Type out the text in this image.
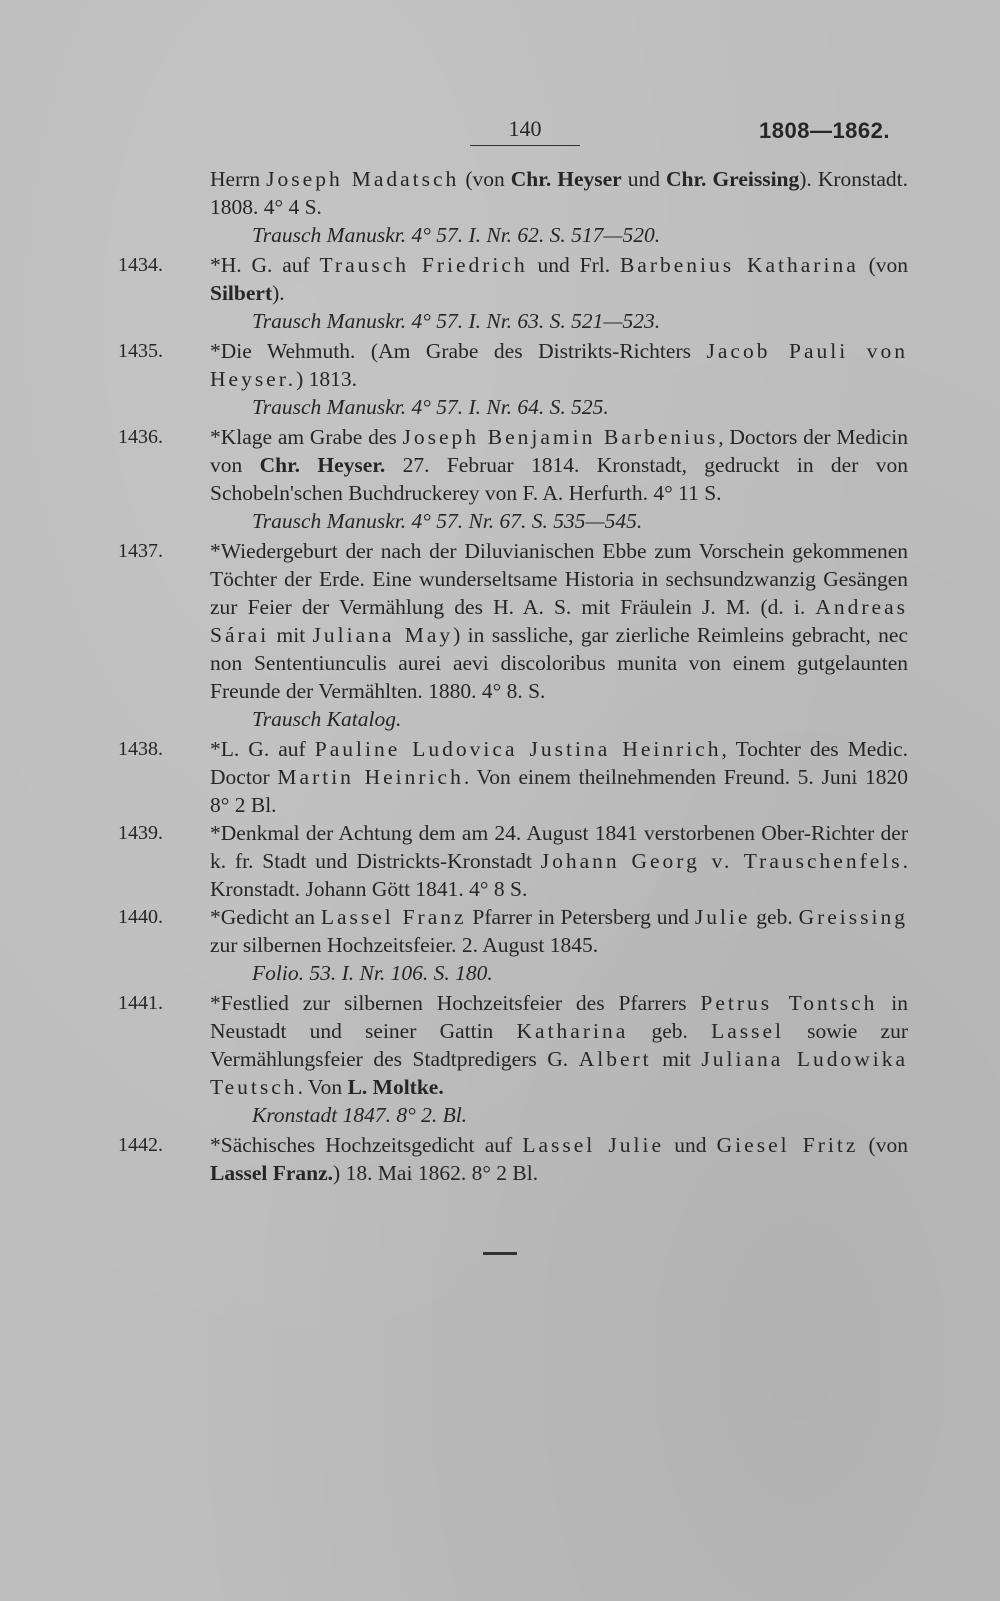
140	1808—1862.
Herrn Joseph Madatsch (von Chr. Heyser und Chr. Greissing). Kronstadt. 1808. 4° 4 S.
Trausch Manuskr. 4° 57. I. Nr. 62. S. 517—520.
1434.	*H. G. auf Trausch Friedrich und Frl. Barbenius Katharina (von Silbert).
Trausch Manuskr. 4° 57. I. Nr. 63. S. 521—523.
1435.	*Die Wehmuth. (Am Grabe des Distrikts-Richters Jacob Pauli von Heyser.) 1813.
Trausch Manuskr. 4° 57. I. Nr. 64. S. 525.
1436.	*Klage am Grabe des Joseph Benjamin Barbenius, Doctors der Medicin von Chr. Heyser. 27. Februar 1814. Kronstadt, gedruckt in der von Schobeln'schen Buchdruckerey von F. A. Herfurth. 4° 11 S.
Trausch Manuskr. 4° 57. Nr. 67. S. 535—545.
1437.	*Wiedergeburt der nach der Diluvianischen Ebbe zum Vorschein gekommenen Töchter der Erde. Eine wunderseltsame Historia in sechsundzwanzig Gesängen zur Feier der Vermählung des H. A. S. mit Fräulein J. M. (d. i. Andreas Sárai mit Juliana May) in sassliche, gar zierliche Reimleins gebracht, nec non Sententiunculis aurei aevi discoloribus munita von einem gutgelaunten Freunde der Vermählten. 1880. 4° 8. S.
Trausch Katalog.
1438.	*L. G. auf Pauline Ludovica Justina Heinrich, Tochter des Medic. Doctor Martin Heinrich. Von einem theilnehmenden Freund. 5. Juni 1820 8° 2 Bl.
1439.	*Denkmal der Achtung dem am 24. August 1841 verstorbenen Ober-Richter der k. fr. Stadt und Districkts-Kronstadt Johann Georg v. Trauschenfels. Kronstadt. Johann Gött 1841. 4° 8 S.
1440.	*Gedicht an Lassel Franz Pfarrer in Petersberg und Julie geb. Greissing zur silbernen Hochzeitsfeier. 2. August 1845.
Folio. 53. I. Nr. 106. S. 180.
1441.	*Festlied zur silbernen Hochzeitsfeier des Pfarrers Petrus Tontsch in Neustadt und seiner Gattin Katharina geb. Lassel sowie zur Vermählungsfeier des Stadtpredigers G. Albert mit Juliana Ludowika Teutsch. Von L. Moltke.
Kronstadt 1847. 8° 2. Bl.
1442.	*Sächisches Hochzeitsgedicht auf Lassel Julie und Giesel Fritz (von Lassel Franz.) 18. Mai 1862. 8° 2 Bl.
